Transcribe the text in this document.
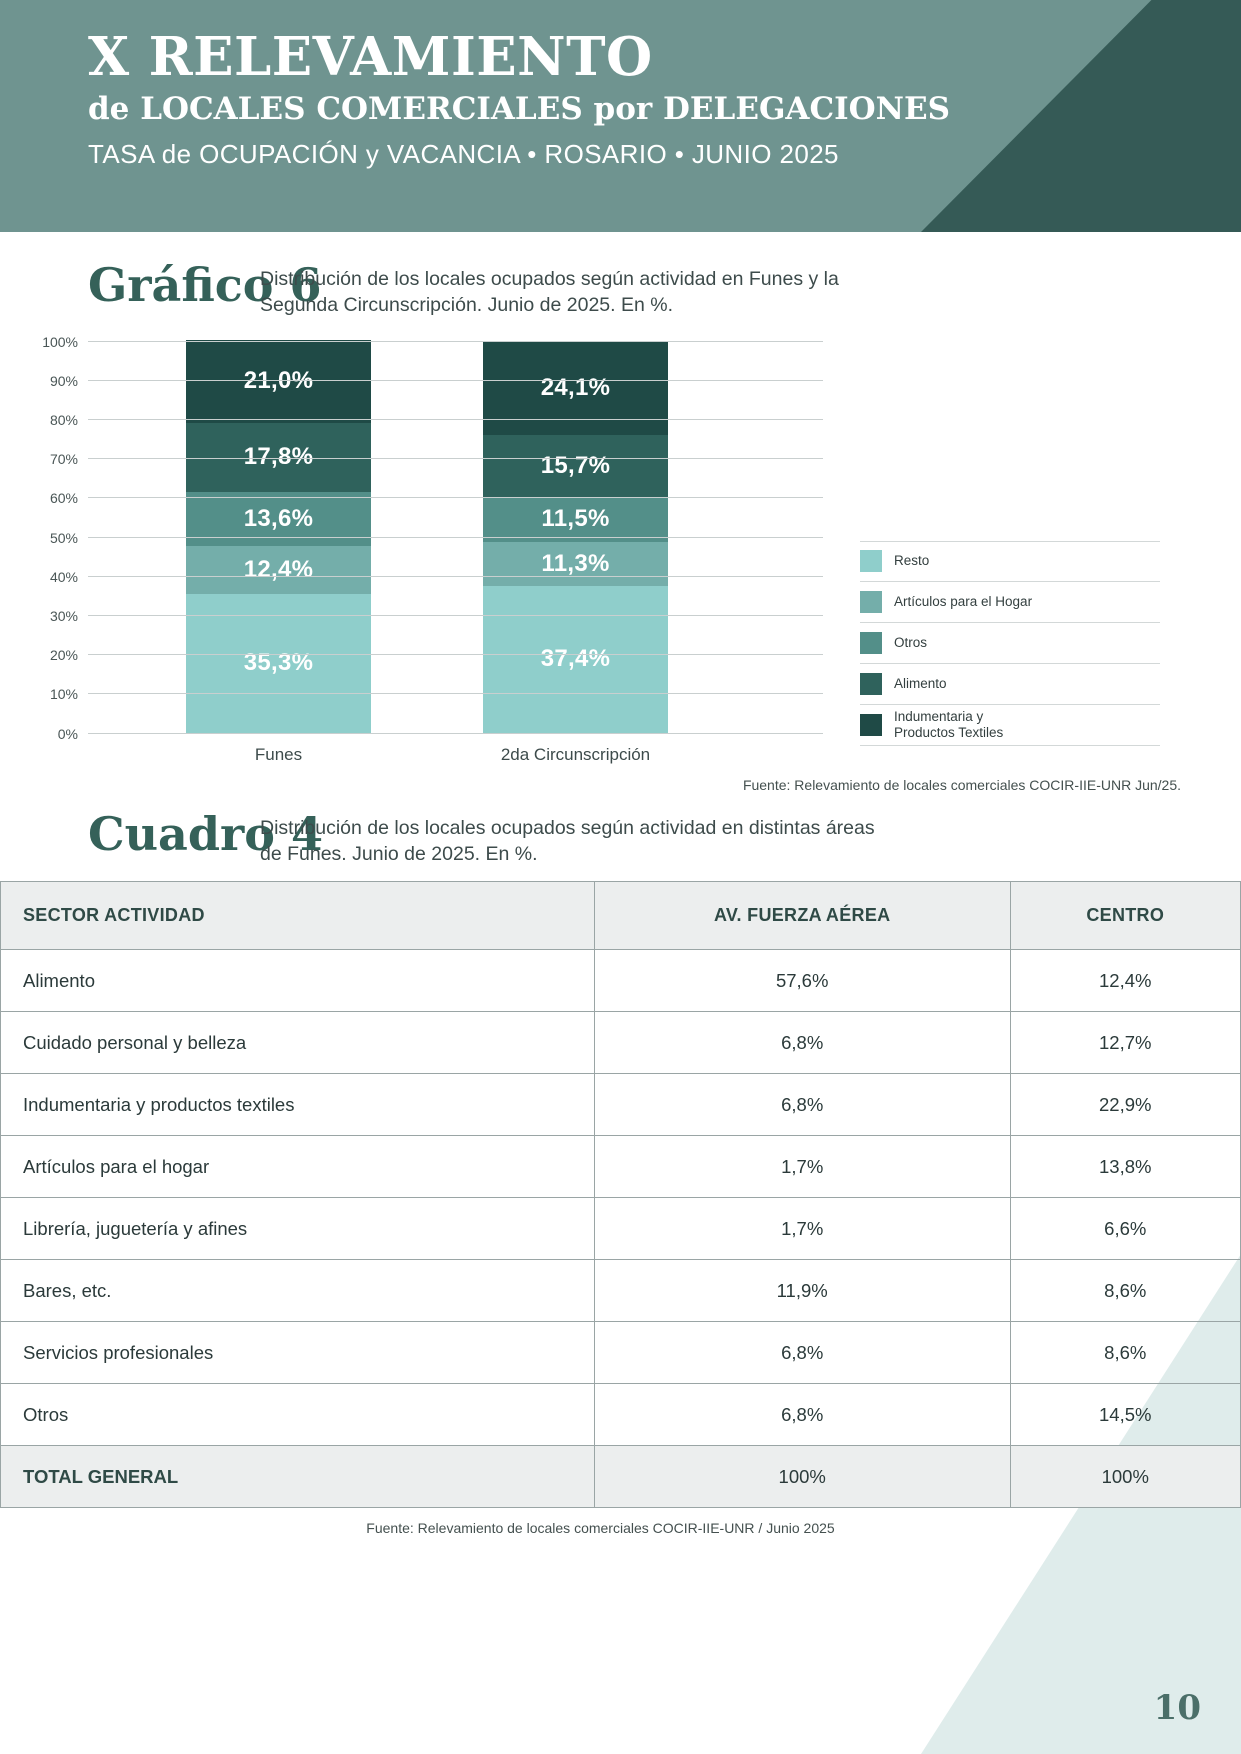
X RELEVAMIENTO
de LOCALES COMERCIALES por DELEGACIONES
TASA de OCUPACIÓN y VACANCIA • ROSARIO • JUNIO 2025
Gráfico 6
Distribución de los locales ocupados según actividad en Funes y la Segunda Circunscripción. Junio de 2025. En %.
21,0%
17,8%
13,6%
12,4%
35,3%
24,1%
15,7%
11,5%
11,3%
37,4%
0%
10%
20%
30%
40%
50%
60%
70%
80%
90%
100%
Funes	2da Circunscripción
Resto
Artículos para el Hogar
Otros
Alimento
Indumentaria y
Productos Textiles
Fuente: Relevamiento de locales comerciales COCIR-IIE-UNR Jun/25.
Cuadro 4
Distribución de los locales ocupados según actividad en distintas áreas de Funes. Junio de 2025. En %.
SECTOR ACTIVIDAD	AV. FUERZA AÉREA	CENTRO
Alimento	57,6%	12,4%
Cuidado personal y belleza	6,8%	12,7%
Indumentaria y productos textiles	6,8%	22,9%
Artículos para el hogar	1,7%	13,8%
Librería, juguetería y afines	1,7%	6,6%
Bares, etc.	11,9%	8,6%
Servicios profesionales	6,8%	8,6%
Otros	6,8%	14,5%
TOTAL GENERAL	100%	100%
Fuente: Relevamiento de locales comerciales COCIR-IIE-UNR / Junio 2025
10
